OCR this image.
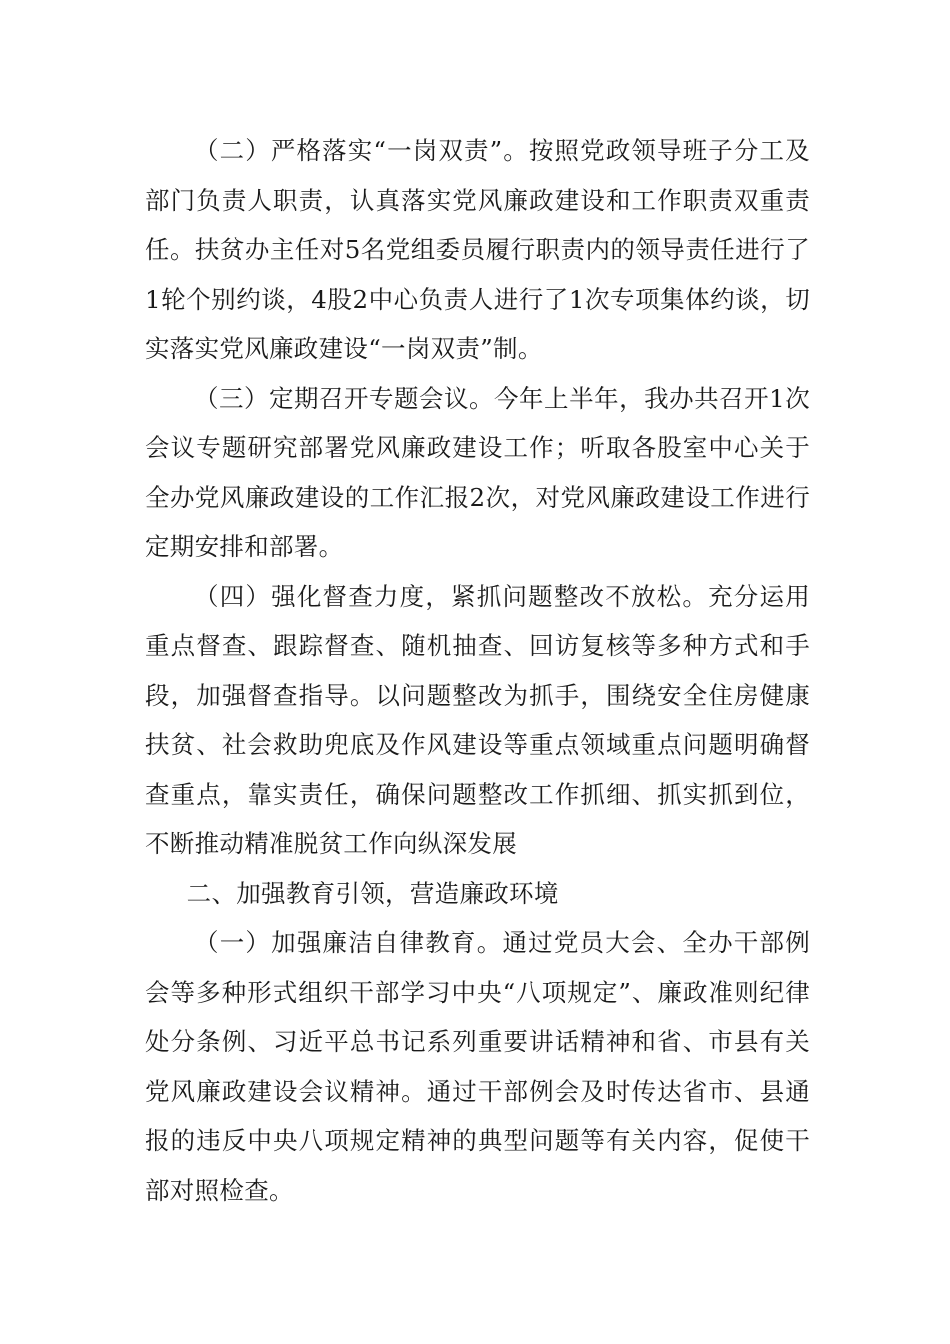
（二）严格落实“一岗双责”。按照党政领导班子分工及部门负责人职责，认真落实党风廉政建设和工作职责双重责任。扶贫办主任对5名党组委员履行职责内的领导责任进行了1轮个别约谈，4股2中心负责人进行了1次专项集体约谈，切实落实党风廉政建设“一岗双责”制。

（三）定期召开专题会议。今年上半年，我办共召开1次会议专题研究部署党风廉政建设工作；听取各股室中心关于全办党风廉政建设的工作汇报2次，对党风廉政建设工作进行定期安排和部署。

（四）强化督查力度，紧抓问题整改不放松。充分运用重点督查、跟踪督查、随机抽查、回访复核等多种方式和手段，加强督查指导。以问题整改为抓手，围绕安全住房健康扶贫、社会救助兜底及作风建设等重点领域重点问题明确督查重点，靠实责任，确保问题整改工作抓细、抓实抓到位，不断推动精准脱贫工作向纵深发展

二、加强教育引领，营造廉政环境

（一）加强廉洁自律教育。通过党员大会、全办干部例会等多种形式组织干部学习中央“八项规定”、廉政准则纪律处分条例、习近平总书记系列重要讲话精神和省、市县有关党风廉政建设会议精神。通过干部例会及时传达省市、县通报的违反中央八项规定精神的典型问题等有关内容，促使干部对照检查。
